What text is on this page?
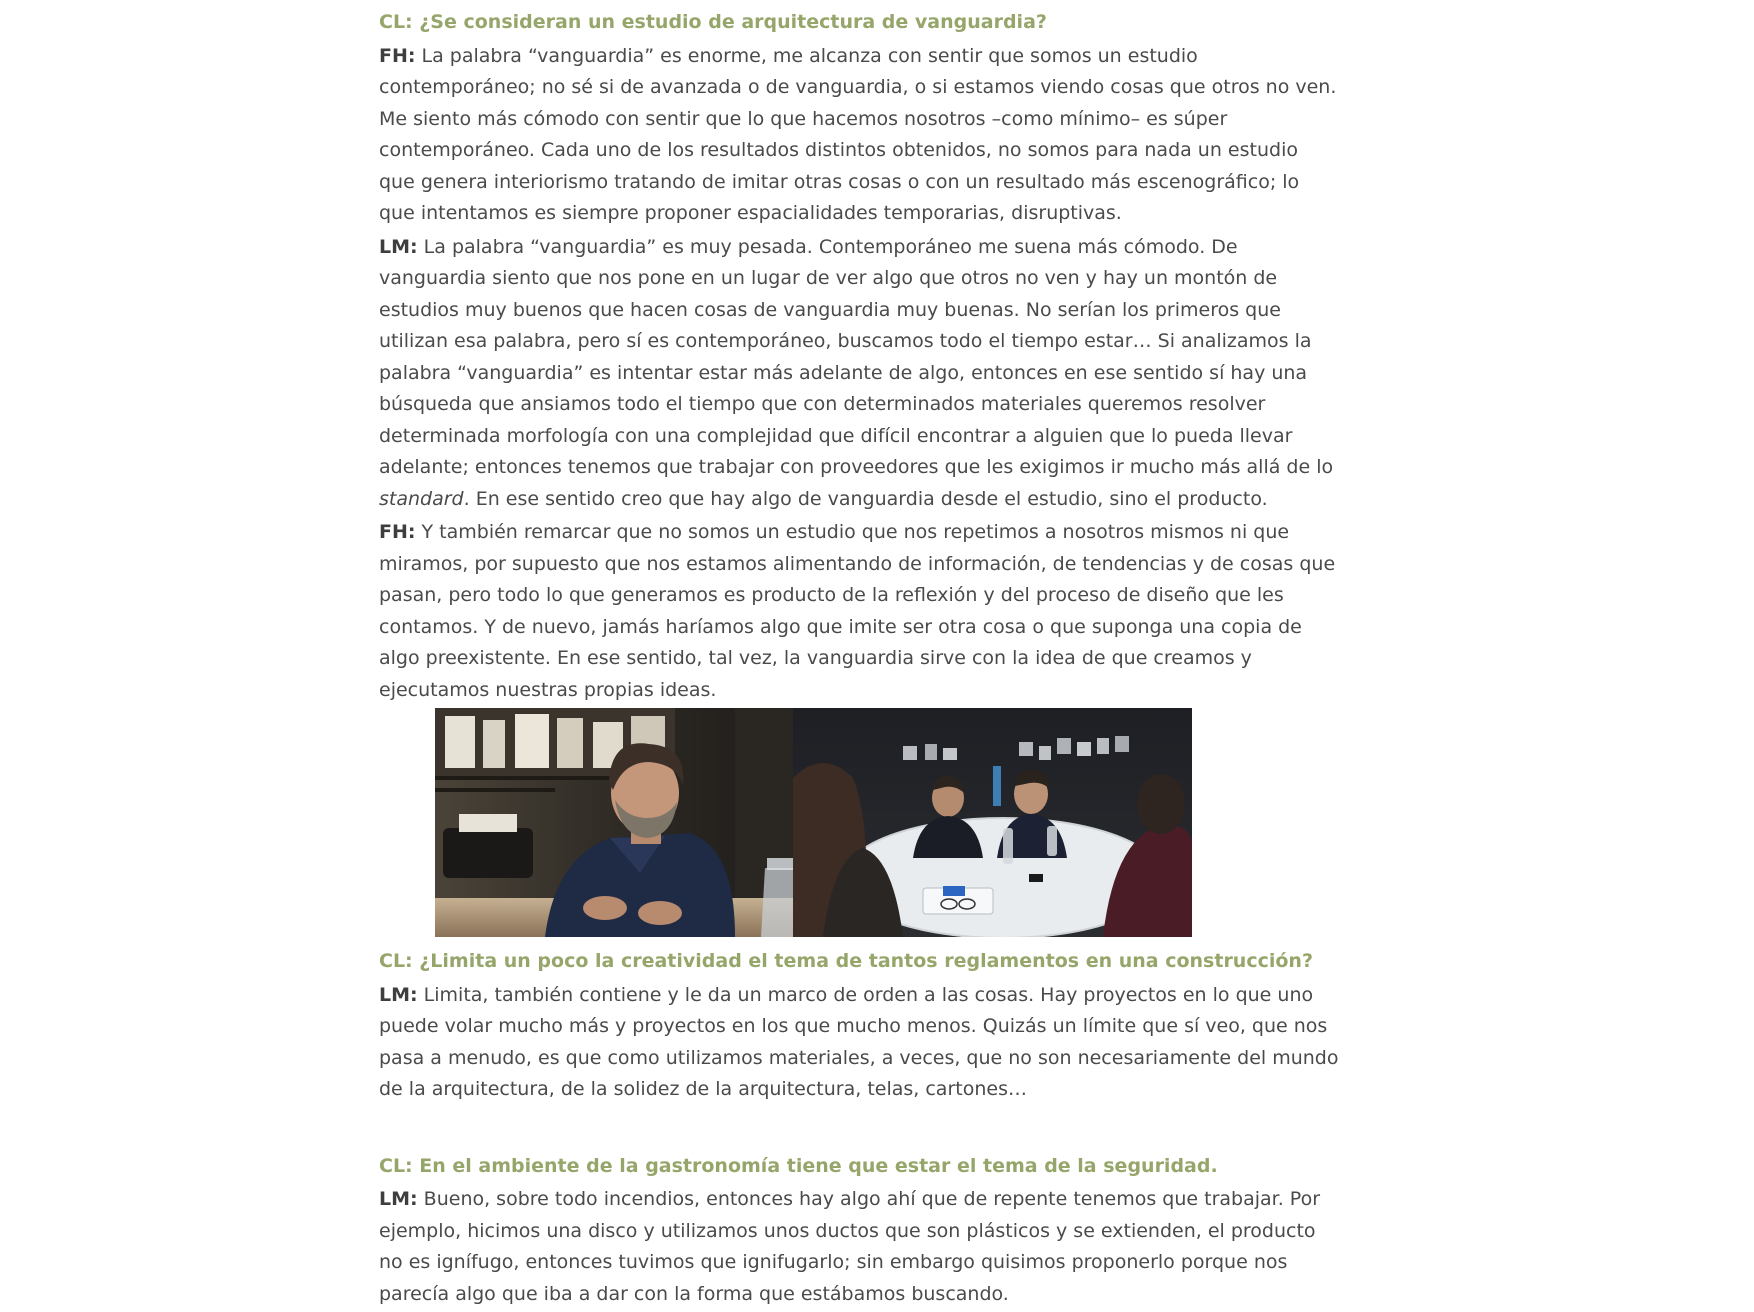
CL: ¿Se consideran un estudio de arquitectura de vanguardia?

FH: La palabra “vanguardia” es enorme, me alcanza con sentir que somos un estudio contemporáneo; no sé si de avanzada o de vanguardia, o si estamos viendo cosas que otros no ven. Me siento más cómodo con sentir que lo que hacemos nosotros –como mínimo– es súper contemporáneo. Cada uno de los resultados distintos obtenidos, no somos para nada un estudio que genera interiorismo tratando de imitar otras cosas o con un resultado más escenográfico; lo que intentamos es siempre proponer espacialidades temporarias, disruptivas.

LM: La palabra “vanguardia” es muy pesada. Contemporáneo me suena más cómodo. De vanguardia siento que nos pone en un lugar de ver algo que otros no ven y hay un montón de estudios muy buenos que hacen cosas de vanguardia muy buenas. No serían los primeros que utilizan esa palabra, pero sí es contemporáneo, buscamos todo el tiempo estar… Si analizamos la palabra “vanguardia” es intentar estar más adelante de algo, entonces en ese sentido sí hay una búsqueda que ansiamos todo el tiempo que con determinados materiales queremos resolver determinada morfología con una complejidad que difícil encontrar a alguien que lo pueda llevar adelante; entonces tenemos que trabajar con proveedores que les exigimos ir mucho más allá de lo standard. En ese sentido creo que hay algo de vanguardia desde el estudio, sino el producto.

FH: Y también remarcar que no somos un estudio que nos repetimos a nosotros mismos ni que miramos, por supuesto que nos estamos alimentando de información, de tendencias y de cosas que pasan, pero todo lo que generamos es producto de la reflexión y del proceso de diseño que les contamos. Y de nuevo, jamás haríamos algo que imite ser otra cosa o que suponga una copia de algo preexistente. En ese sentido, tal vez, la vanguardia sirve con la idea de que creamos y ejecutamos nuestras propias ideas.

CL: ¿Limita un poco la creatividad el tema de tantos reglamentos en una construcción?

LM: Limita, también contiene y le da un marco de orden a las cosas. Hay proyectos en lo que uno puede volar mucho más y proyectos en los que mucho menos. Quizás un límite que sí veo, que nos pasa a menudo, es que como utilizamos materiales, a veces, que no son necesariamente del mundo de la arquitectura, de la solidez de la arquitectura, telas, cartones…

CL: En el ambiente de la gastronomía tiene que estar el tema de la seguridad.

LM: Bueno, sobre todo incendios, entonces hay algo ahí que de repente tenemos que trabajar. Por ejemplo, hicimos una disco y utilizamos unos ductos que son plásticos y se extienden, el producto no es ignífugo, entonces tuvimos que ignifugarlo; sin embargo quisimos proponerlo porque nos parecía algo que iba a dar con la forma que estábamos buscando.
